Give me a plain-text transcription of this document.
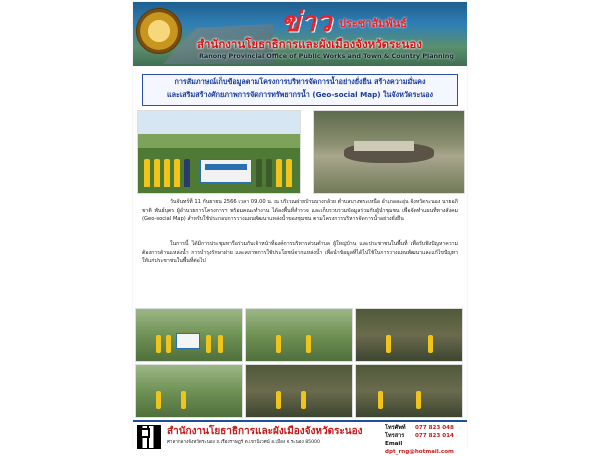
ข่าว ประชาสัมพันธ์
สำนักงานโยธาธิการและผังเมืองจังหวัดระนอง
Ranong Provincial Office of Public Works and Town & Country Planning
การสัมภาษณ์เก็บข้อมูลตามโครงการบริหารจัดการน้ำอย่างยั่งยืน สร้างความมั่นคง
และเสริมสร้างศักยภาพการจัดการทรัพยากรน้ำ (Geo-social Map) ในจังหวัดระนอง
วันจันทร์ที่ 11 กันยายน 2566 เวลา 09.00 น. ณ บริเวณฝายบ้านบางกล้วย ตำบลบางพระเหนือ อำเภอละอุ่น จังหวัดระนอง นายอภิชาติ พันธ์บุตร ผู้อำนวยการโครงการฯ พร้อมคณะทำงาน ได้ลงพื้นที่สำรวจ และเก็บรวบรวมข้อมูลร่วมกับผู้นำชุมชน เพื่อจัดทำแผนที่ทางสังคม (Geo-social Map) สำหรับใช้ประกอบการวางแผนพัฒนาแหล่งน้ำของชุมชน ตามโครงการบริหารจัดการน้ำอย่างยั่งยืน
ในการนี้ ได้มีการประชุมหารือร่วมกับเจ้าหน้าที่องค์การบริหารส่วนตำบล ผู้ใหญ่บ้าน และประชาชนในพื้นที่ เพื่อรับฟังปัญหาความต้องการด้านแหล่งน้ำ การบำรุงรักษาฝาย และสภาพการใช้ประโยชน์จากแหล่งน้ำ เพื่อนำข้อมูลที่ได้ไปใช้ในการวางแผนพัฒนาและแก้ไขปัญหาให้แก่ประชาชนในพื้นที่ต่อไป
สำนักงานโยธาธิการและผังเมืองจังหวัดระนอง
ศาลากลางจังหวัดระนอง ถ.เรืองราษฎร์ ต.เขานิเวศน์ อ.เมือง จ.ระนอง 85000
โทรศัพท์ 077 823 048
โทรสาร 077 823 014
Emaildpt_rng@hotmail.com
